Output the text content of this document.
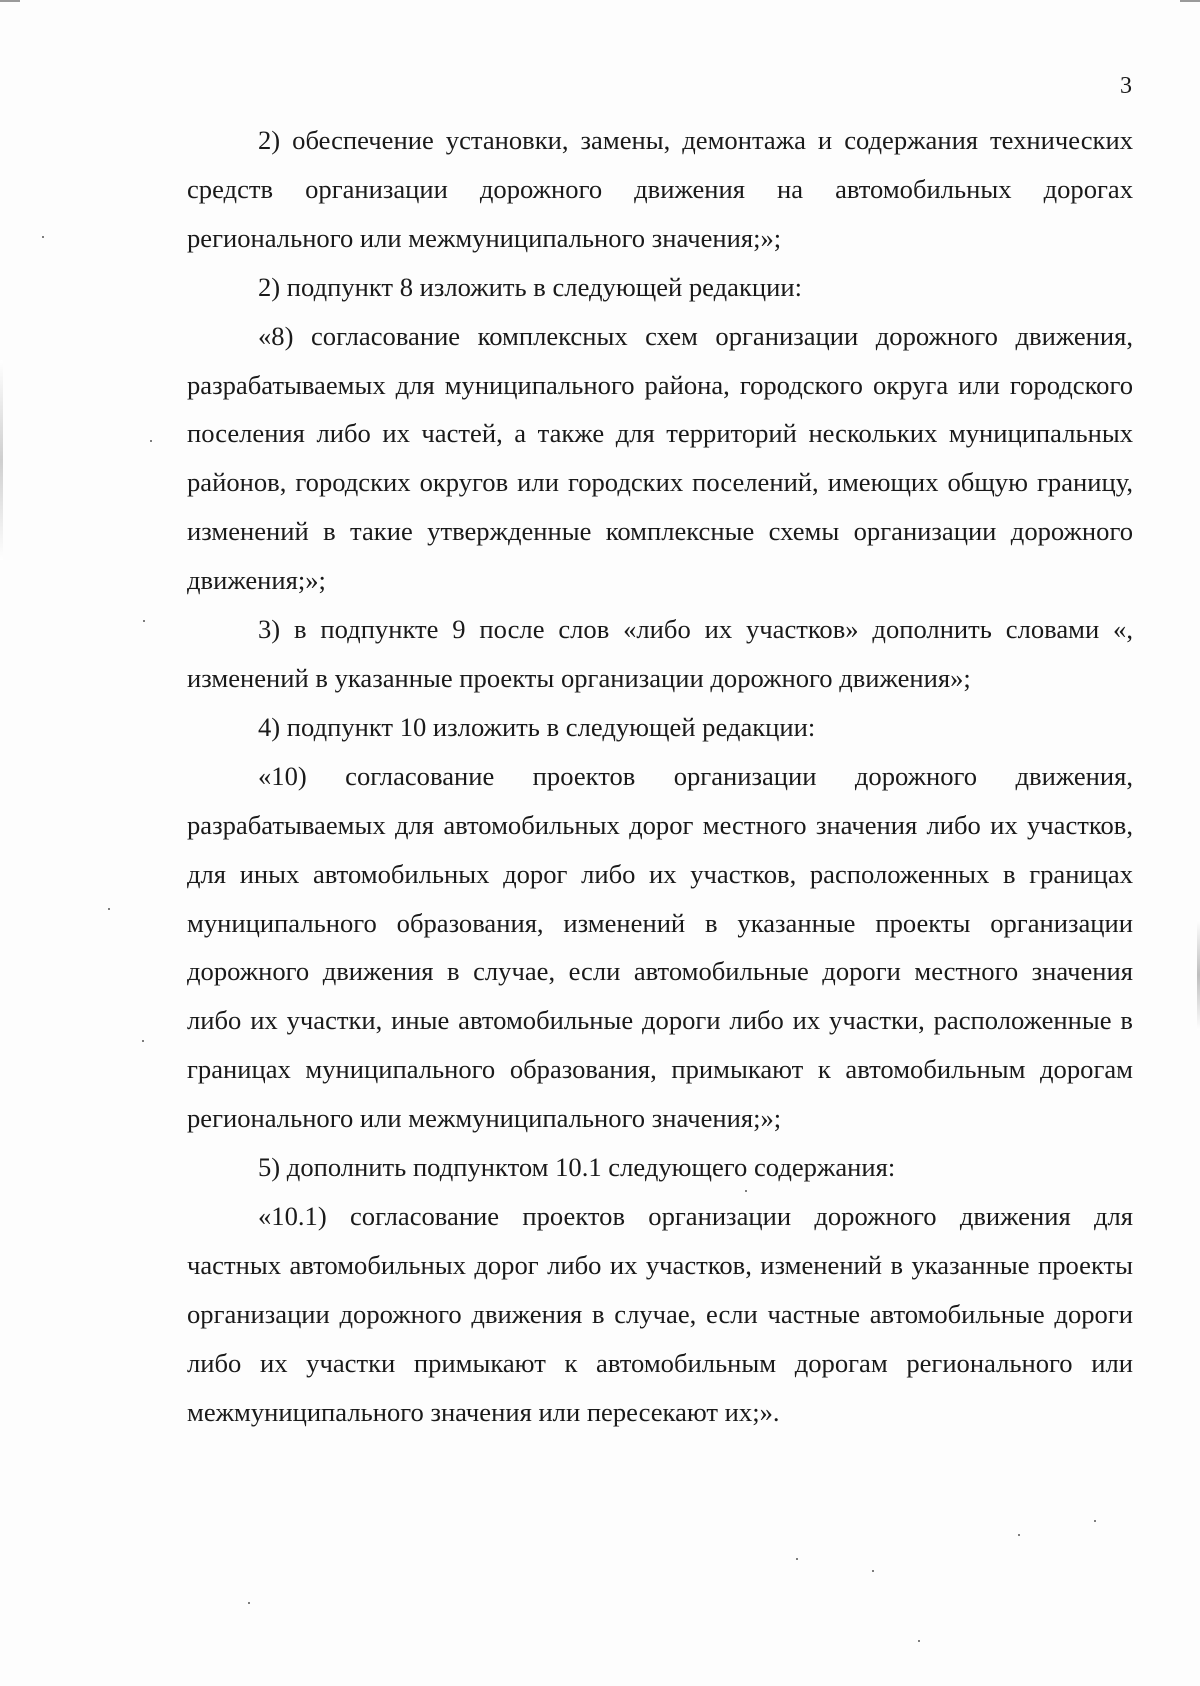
3

2) обеспечение установки, замены, демонтажа и содержания технических средств организации дорожного движения на автомобильных дорогах регионального или межмуниципального значения;»;

2) подпункт 8 изложить в следующей редакции:

«8) согласование комплексных схем организации дорожного движения, разрабатываемых для муниципального района, городского округа или городского поселения либо их частей, а также для территорий нескольких муниципальных районов, городских округов или городских поселений, имеющих общую границу, изменений в такие утвержденные комплексные схемы организации дорожного движения;»;

3) в подпункте 9 после слов «либо их участков» дополнить словами «, изменений в указанные проекты организации дорожного движения»;

4) подпункт 10 изложить в следующей редакции:

«10) согласование проектов организации дорожного движения, разрабатываемых для автомобильных дорог местного значения либо их участков, для иных автомобильных дорог либо их участков, расположенных в границах муниципального образования, изменений в указанные проекты организации дорожного движения в случае, если автомобильные дороги местного значения либо их участки, иные автомобильные дороги либо их участки, расположенные в границах муниципального образования, примыкают к автомобильным дорогам регионального или межмуниципального значения;»;

5) дополнить подпунктом 10.1 следующего содержания:

«10.1) согласование проектов организации дорожного движения для частных автомобильных дорог либо их участков, изменений в указанные проекты организации дорожного движения в случае, если частные автомобильные дороги либо их участки примыкают к автомобильным дорогам регионального или межмуниципального значения или пересекают их;».
